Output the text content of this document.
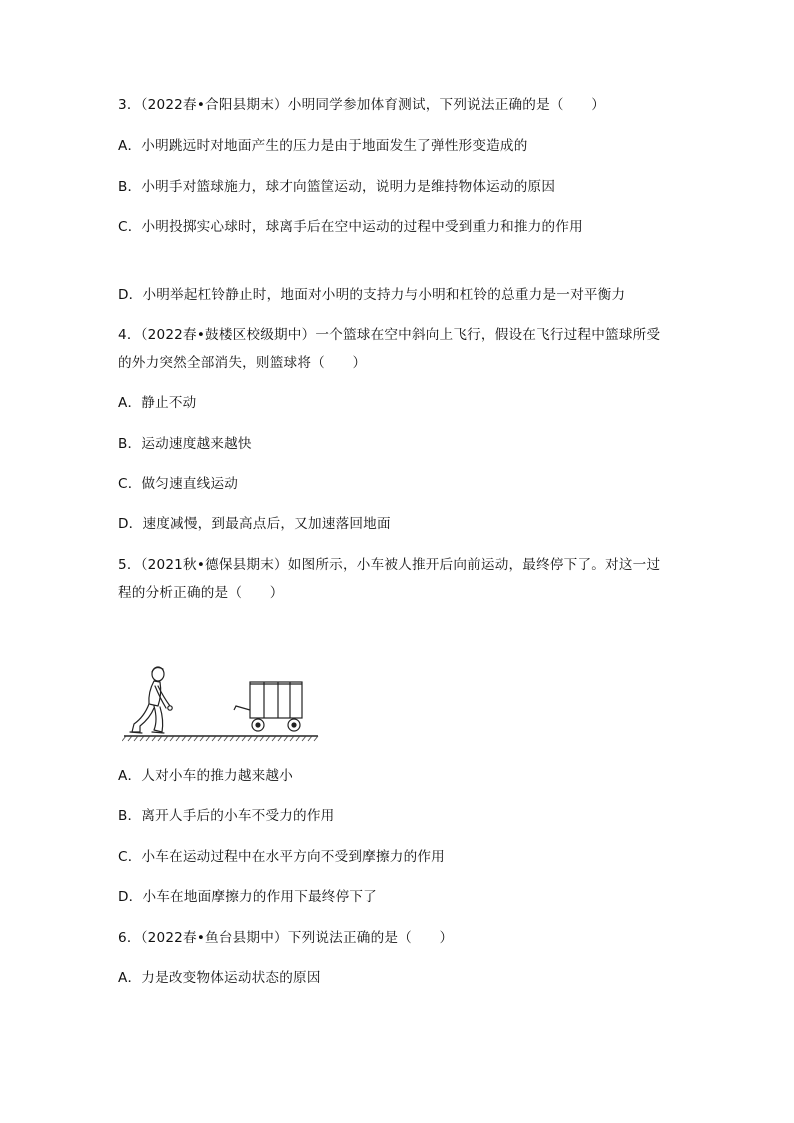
3．（2022春•合阳县期末）小明同学参加体育测试，下列说法正确的是（　　）
A．小明跳远时对地面产生的压力是由于地面发生了弹性形变造成的
B．小明手对篮球施力，球才向篮筐运动，说明力是维持物体运动的原因
C．小明投掷实心球时，球离手后在空中运动的过程中受到重力和推力的作用
D．小明举起杠铃静止时，地面对小明的支持力与小明和杠铃的总重力是一对平衡力
4．（2022春•鼓楼区校级期中）一个篮球在空中斜向上飞行，假设在飞行过程中篮球所受
的外力突然全部消失，则篮球将（　　）
A．静止不动
B．运动速度越来越快
C．做匀速直线运动
D．速度减慢，到最高点后，又加速落回地面
5．（2021秋•德保县期末）如图所示，小车被人推开后向前运动，最终停下了。对这一过
程的分析正确的是（　　）
A．人对小车的推力越来越小
B．离开人手后的小车不受力的作用
C．小车在运动过程中在水平方向不受到摩擦力的作用
D．小车在地面摩擦力的作用下最终停下了
6．（2022春•鱼台县期中）下列说法正确的是（　　）
A．力是改变物体运动状态的原因
